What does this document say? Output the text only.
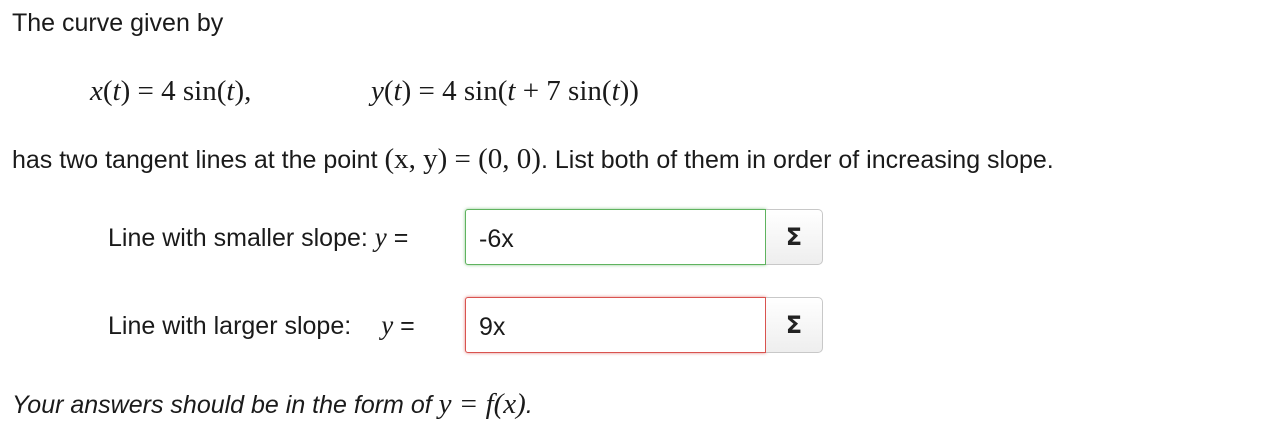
The curve given by
x(t) = 4 sin(t),	y(t) = 4 sin(t + 7 sin(t))
has two tangent lines at the point (x, y) = (0, 0). List both of them in order of increasing slope.
Line with smaller slope: y =	-6x	Σ
Line with larger slope: y =	9x	Σ
Your answers should be in the form of y = f(x).
